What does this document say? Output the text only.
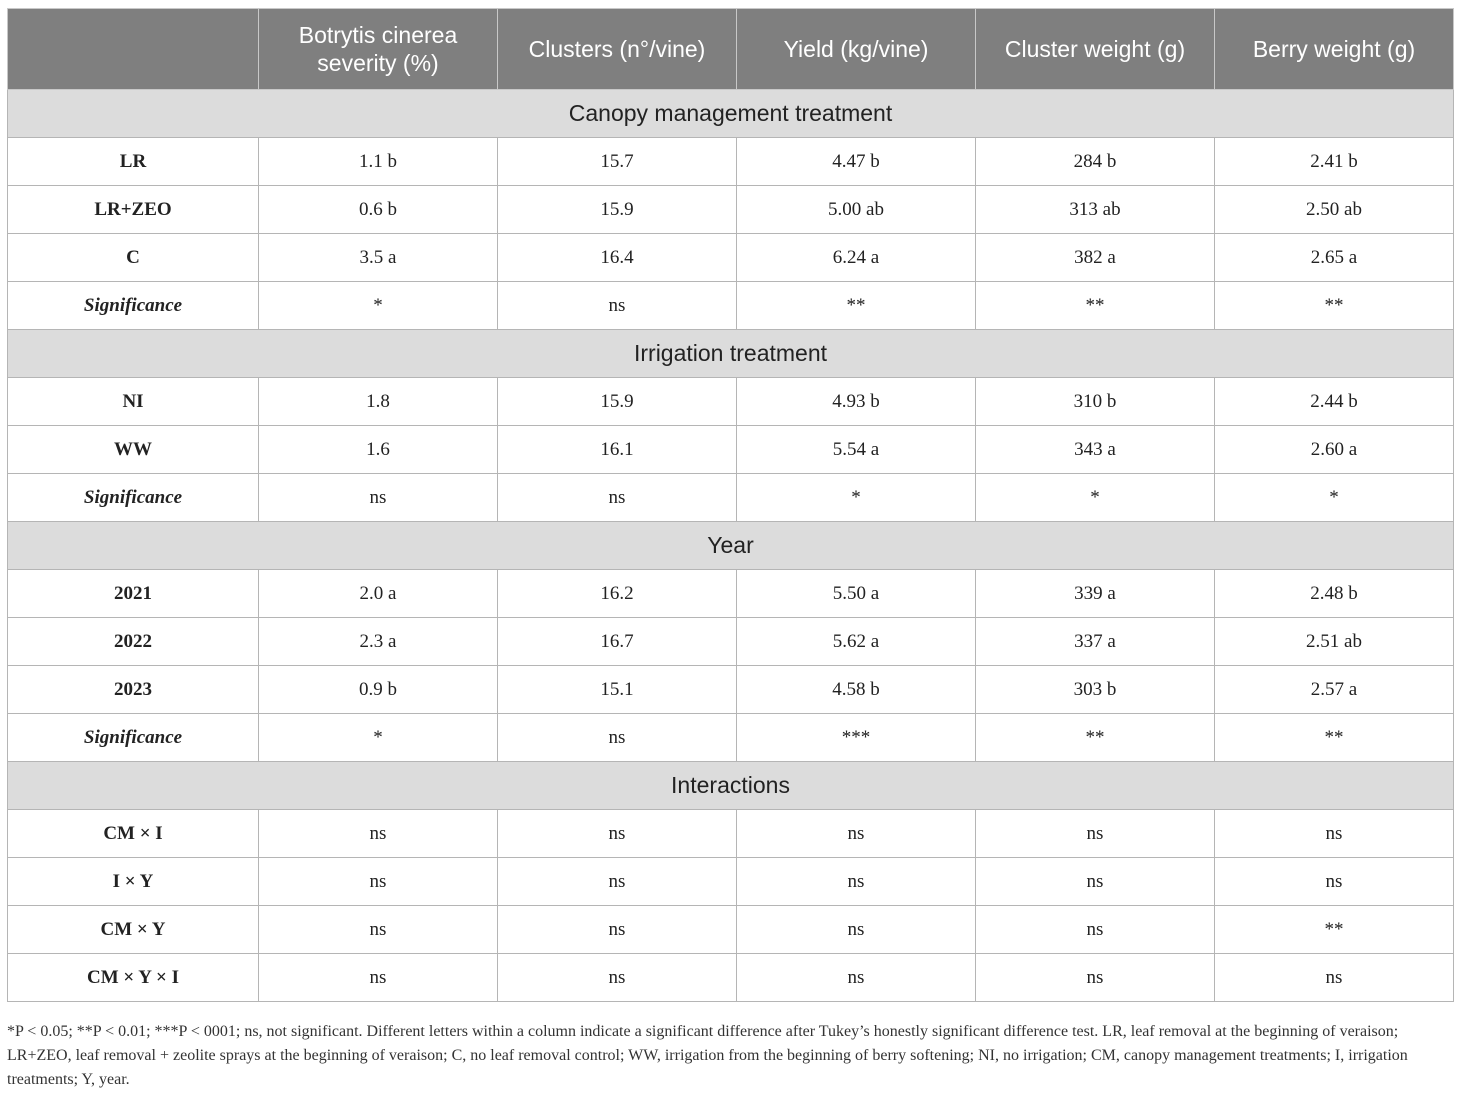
	Botrytis cinerea severity (%)	Clusters (n°/vine)	Yield (kg/vine)	Cluster weight (g)	Berry weight (g)
Canopy management treatment					
LR	1.1 b	15.7	4.47 b	284 b	2.41 b
LR+ZEO	0.6 b	15.9	5.00 ab	313 ab	2.50 ab
C	3.5 a	16.4	6.24 a	382 a	2.65 a
Significance	*	ns	**	**	**
Irrigation treatment					
NI	1.8	15.9	4.93 b	310 b	2.44 b
WW	1.6	16.1	5.54 a	343 a	2.60 a
Significance	ns	ns	*	*	*
Year					
2021	2.0 a	16.2	5.50 a	339 a	2.48 b
2022	2.3 a	16.7	5.62 a	337 a	2.51 ab
2023	0.9 b	15.1	4.58 b	303 b	2.57 a
Significance	*	ns	***	**	**
Interactions					
CM × I	ns	ns	ns	ns	ns
I × Y	ns	ns	ns	ns	ns
CM × Y	ns	ns	ns	ns	**
CM × Y × I	ns	ns	ns	ns	ns

*P < 0.05; **P < 0.01; ***P < 0001; ns, not significant. Different letters within a column indicate a significant difference after Tukey’s honestly significant difference test. LR, leaf removal at the beginning of veraison; LR+ZEO, leaf removal + zeolite sprays at the beginning of veraison; C, no leaf removal control; WW, irrigation from the beginning of berry softening; NI, no irrigation; CM, canopy management treatments; I, irrigation treatments; Y, year.
